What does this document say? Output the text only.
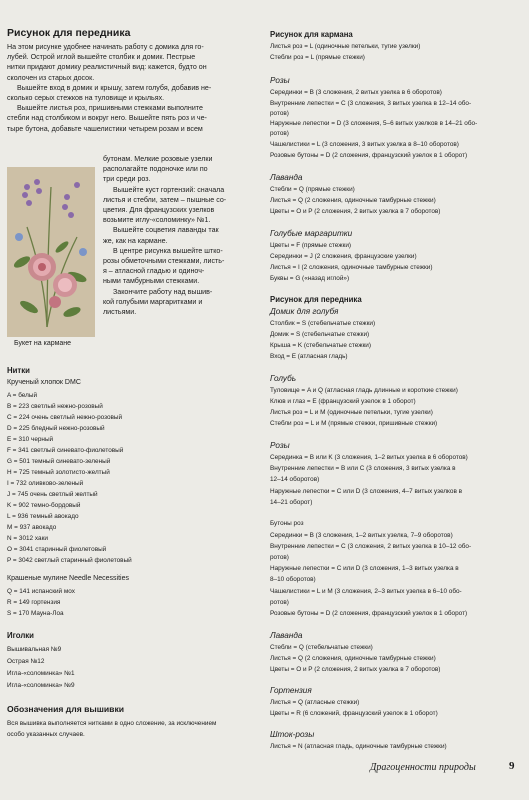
Рисунок для передника
На этом рисунке удобнее начинать работу с домика для го-
лубей. Острой иглой вышейте столбик и домик. Пестрые
нитки придают домику реалистичный вид: кажется, будто он
сколочен из старых досок.
Вышейте вход в домик и крышу, затем голубя, добавив не-
сколько серых стежков на туловище и крыльях.
Вышейте листья роз, пришивными стежками выполните
стебли над столбиком и вокруг него. Вышейте пять роз и че-
тыре бутона, добавьте чашелистики четырем розам и всем
бутонам. Мелкие розовые узелки
располагайте подоночке или по
три среди роз.
Вышейте куст гортензий: сначала
листья и стебли, затем – пышные со-
цветия. Для французских узелков
возьмите иглу-«соломинку» №1.
Вышейте соцветия лаванды так
же, как на кармане.
В центре рисунка вышейте штко-
розы обметочными стежками, листь-
я – атласной гладью и одиноч-
ными тамбурными стежками.
Закончите работу над вышив-
кой голубыми маргаритками и
листьями.
Букет на кармане
Нитки
Крученый хлопок DMC
A = белый
B = 223 светлый нежно-розовый
C = 224 очень светлый нежно-розовый
D = 225 бледный нежно-розовый
E = 310 черный
F = 341 светлый синевато-фиолетовый
G = 501 темный синевато-зеленый
H = 725 темный золотисто-желтый
I = 732 оливково-зеленый
J = 745 очень светлый желтый
K = 902 темно-бордовый
L = 936 темный авокадо
M = 937 авокадо
N = 3012 хаки
O = 3041 старинный фиолетовый
P = 3042 светлый старинный фиолетовый
Крашеные мулине Needle Necessities
Q = 141 испанский мох
R = 149 гортензия
S = 170 Мауна-Лоа
Иголки
Вышивальная №9
Острая №12
Игла-«соломинка» №1
Игла-«соломинка» №9
Обозначения для вышивки
Вся вышивка выполняется нитками в одно сложение, за исключением
особо указанных случаев.
Рисунок для кармана
Листья роз = L (одиночные петельки, тугие узелки)
Стебли роз = L (прямые стежки)
Розы
Серединки = B (3 сложения, 2 витых узелка в 6 оборотов)
Внутренние лепестки = C (3 сложения, 3 витых узелка в 12–14 обо-
ротов)
Наружные лепестки = D (3 сложения, 5–6 витых узелков в 14–21 обо-
ротов)
Чашелистики = L (3 сложения, 3 витых узелка в 8–10 оборотов)
Розовые бутоны = D (2 сложения, французский узелок в 1 оборот)
Лаванда
Стебли = Q (прямые стежки)
Листья = Q (2 сложения, одиночные тамбурные стежки)
Цветы = O и P (2 сложения, 2 витых узелка в 7 оборотов)
Голубые маргаритки
Цветы = F (прямые стежки)
Серединки = J (2 сложения, французские узелки)
Листья = I (2 сложения, одиночные тамбурные стежки)
Буквы = G («назад иглой»)
Рисунок для передника
Домик для голубя
Столбик = S (стебельчатые стежки)
Домик = S (стебельчатые стежки)
Крыша = K (стебельчатые стежки)
Вход = E (атласная гладь)
Голубь
Туловище = A и Q (атласная гладь длинные и короткие стежки)
Клюв и глаз = E (французский узелок в 1 оборот)
Листья роз = L и M (одиночные петельки, тугие узелки)
Стебли роз = L и M (прямые стежки, пришивные стежки)
Розы
Серединка = B или K (3 сложения, 1–2 витых узелка в 6 оборотов)
Внутренние лепестки = B или C (3 сложения, 3 витых узелка в
12–14 оборотов)
Наружные лепестки = C или D (3 сложения, 4–7 витых узелков в
14–21 оборот)
Бутоны роз
Серединки = B (3 сложения, 1–2 витых узелка, 7–9 оборотов)
Внутренние лепестки = C (3 сложения, 2 витых узелка в 10–12 обо-
ротов)
Наружные лепестки = C или D (3 сложения, 1–3 витых узелка в
8–10 оборотов)
Чашелистики = L и M (3 сложения, 2–3 витых узелка в 6–10 обо-
ротов)
Розовые бутоны = D (2 сложения, французский узелок в 1 оборот)
Лаванда
Стебли = Q (стебельчатые стежки)
Листья = Q (2 сложения, одиночные тамбурные стежки)
Цветы = O и P (2 сложения, 2 витых узелка в 7 оборотов)
Гортензия
Листья = Q (атласные стежки)
Цветы = R (6 сложений, французский узелок в 1 оборот)
Шток-розы
Листья = N (атласная гладь, одиночные тамбурные стежки)
Драгоценности природы	9
